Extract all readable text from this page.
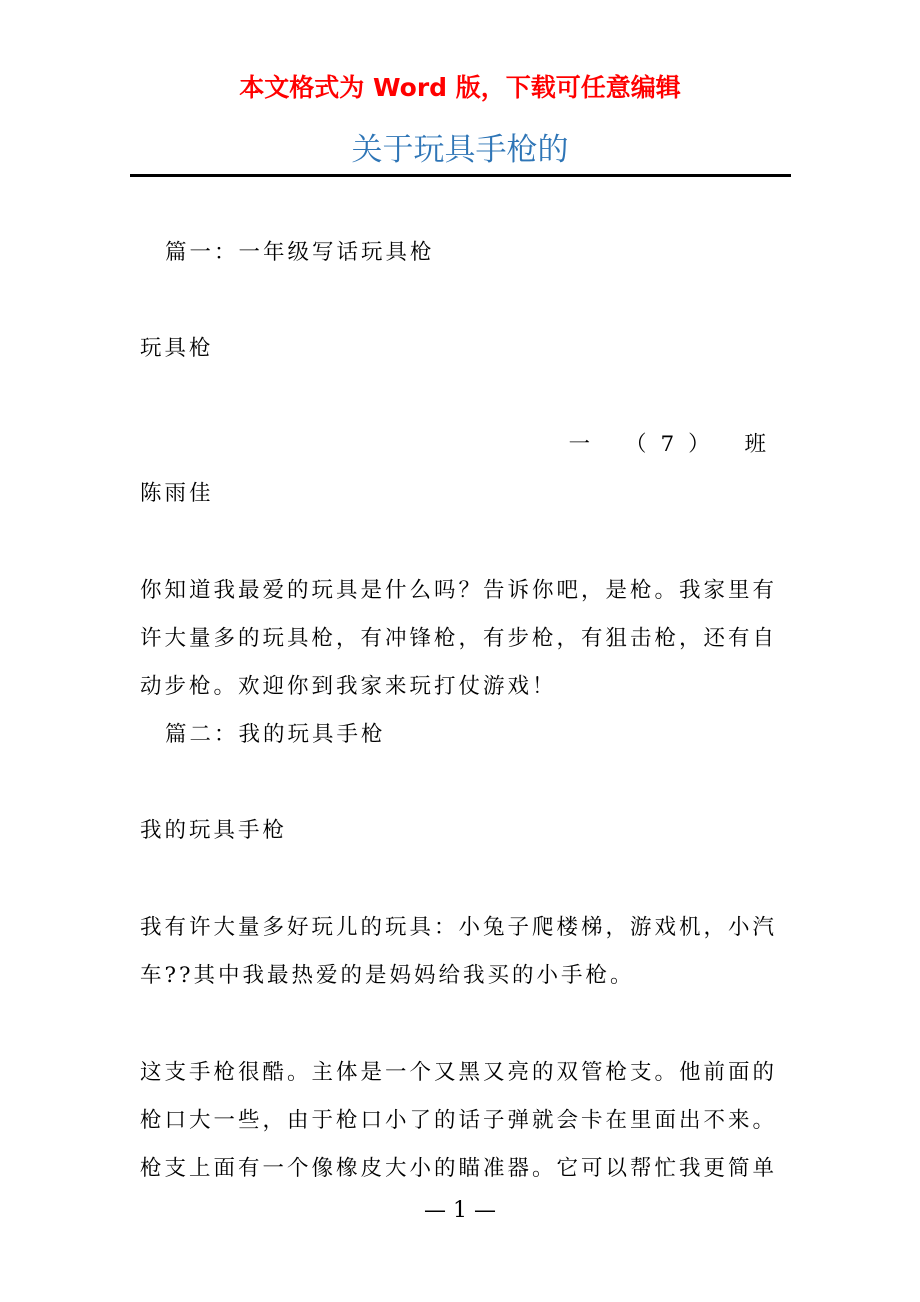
本文格式为 Word 版，下载可任意编辑
关于玩具手枪的
篇一：一年级写话玩具枪
玩具枪
一 （7） 班
陈雨佳
你知道我最爱的玩具是什么吗？告诉你吧，是枪。我家里有
许大量多的玩具枪，有冲锋枪，有步枪，有狙击枪，还有自
动步枪。欢迎你到我家来玩打仗游戏！
篇二：我的玩具手枪
我的玩具手枪
我有许大量多好玩儿的玩具：小兔子爬楼梯，游戏机，小汽
车??其中我最热爱的是妈妈给我买的小手枪。
这支手枪很酷。主体是一个又黑又亮的双管枪支。他前面的
枪口大一些，由于枪口小了的话子弹就会卡在里面出不来。
枪支上面有一个像橡皮大小的瞄准器。它可以帮忙我更简单
— 1 —
